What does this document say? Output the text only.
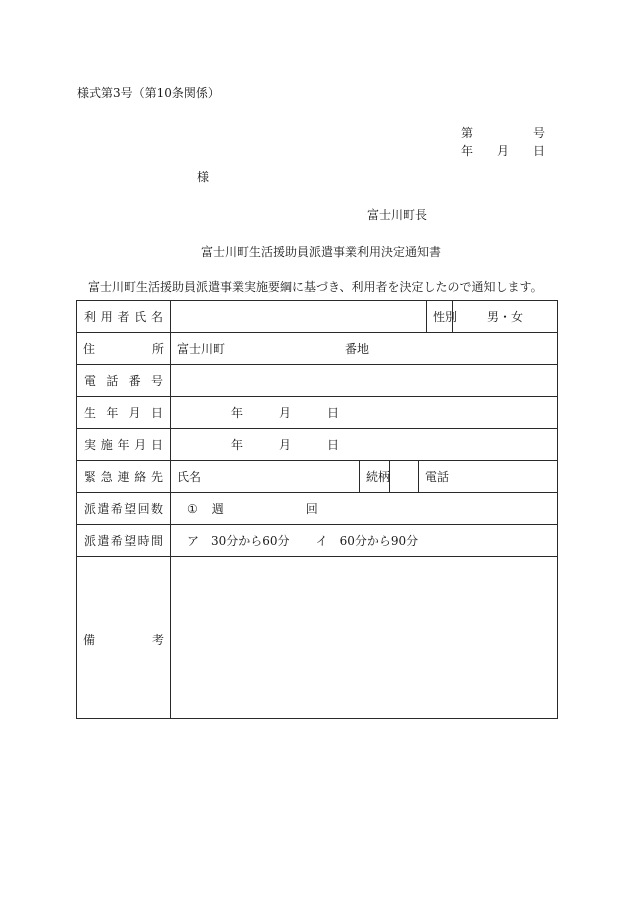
様式第3号（第10条関係）
第	号
年 月 日
様
富士川町長
富士川町生活援助員派遣事業利用決定通知書
富士川町生活援助員派遣事業実施要綱に基づき、利用者を決定したので通知します。
利用者氏名					性別	男・女

住 所	富士川町 番地					
電話番号						
生年月日	年 月 日					
実施年月日	年 月 日					
緊急連絡先	氏名	続柄		電話		
派遣希望回数	① 週 回					
派遣希望時間	ア 30分から60分 イ 60分から90分					

備 考						
